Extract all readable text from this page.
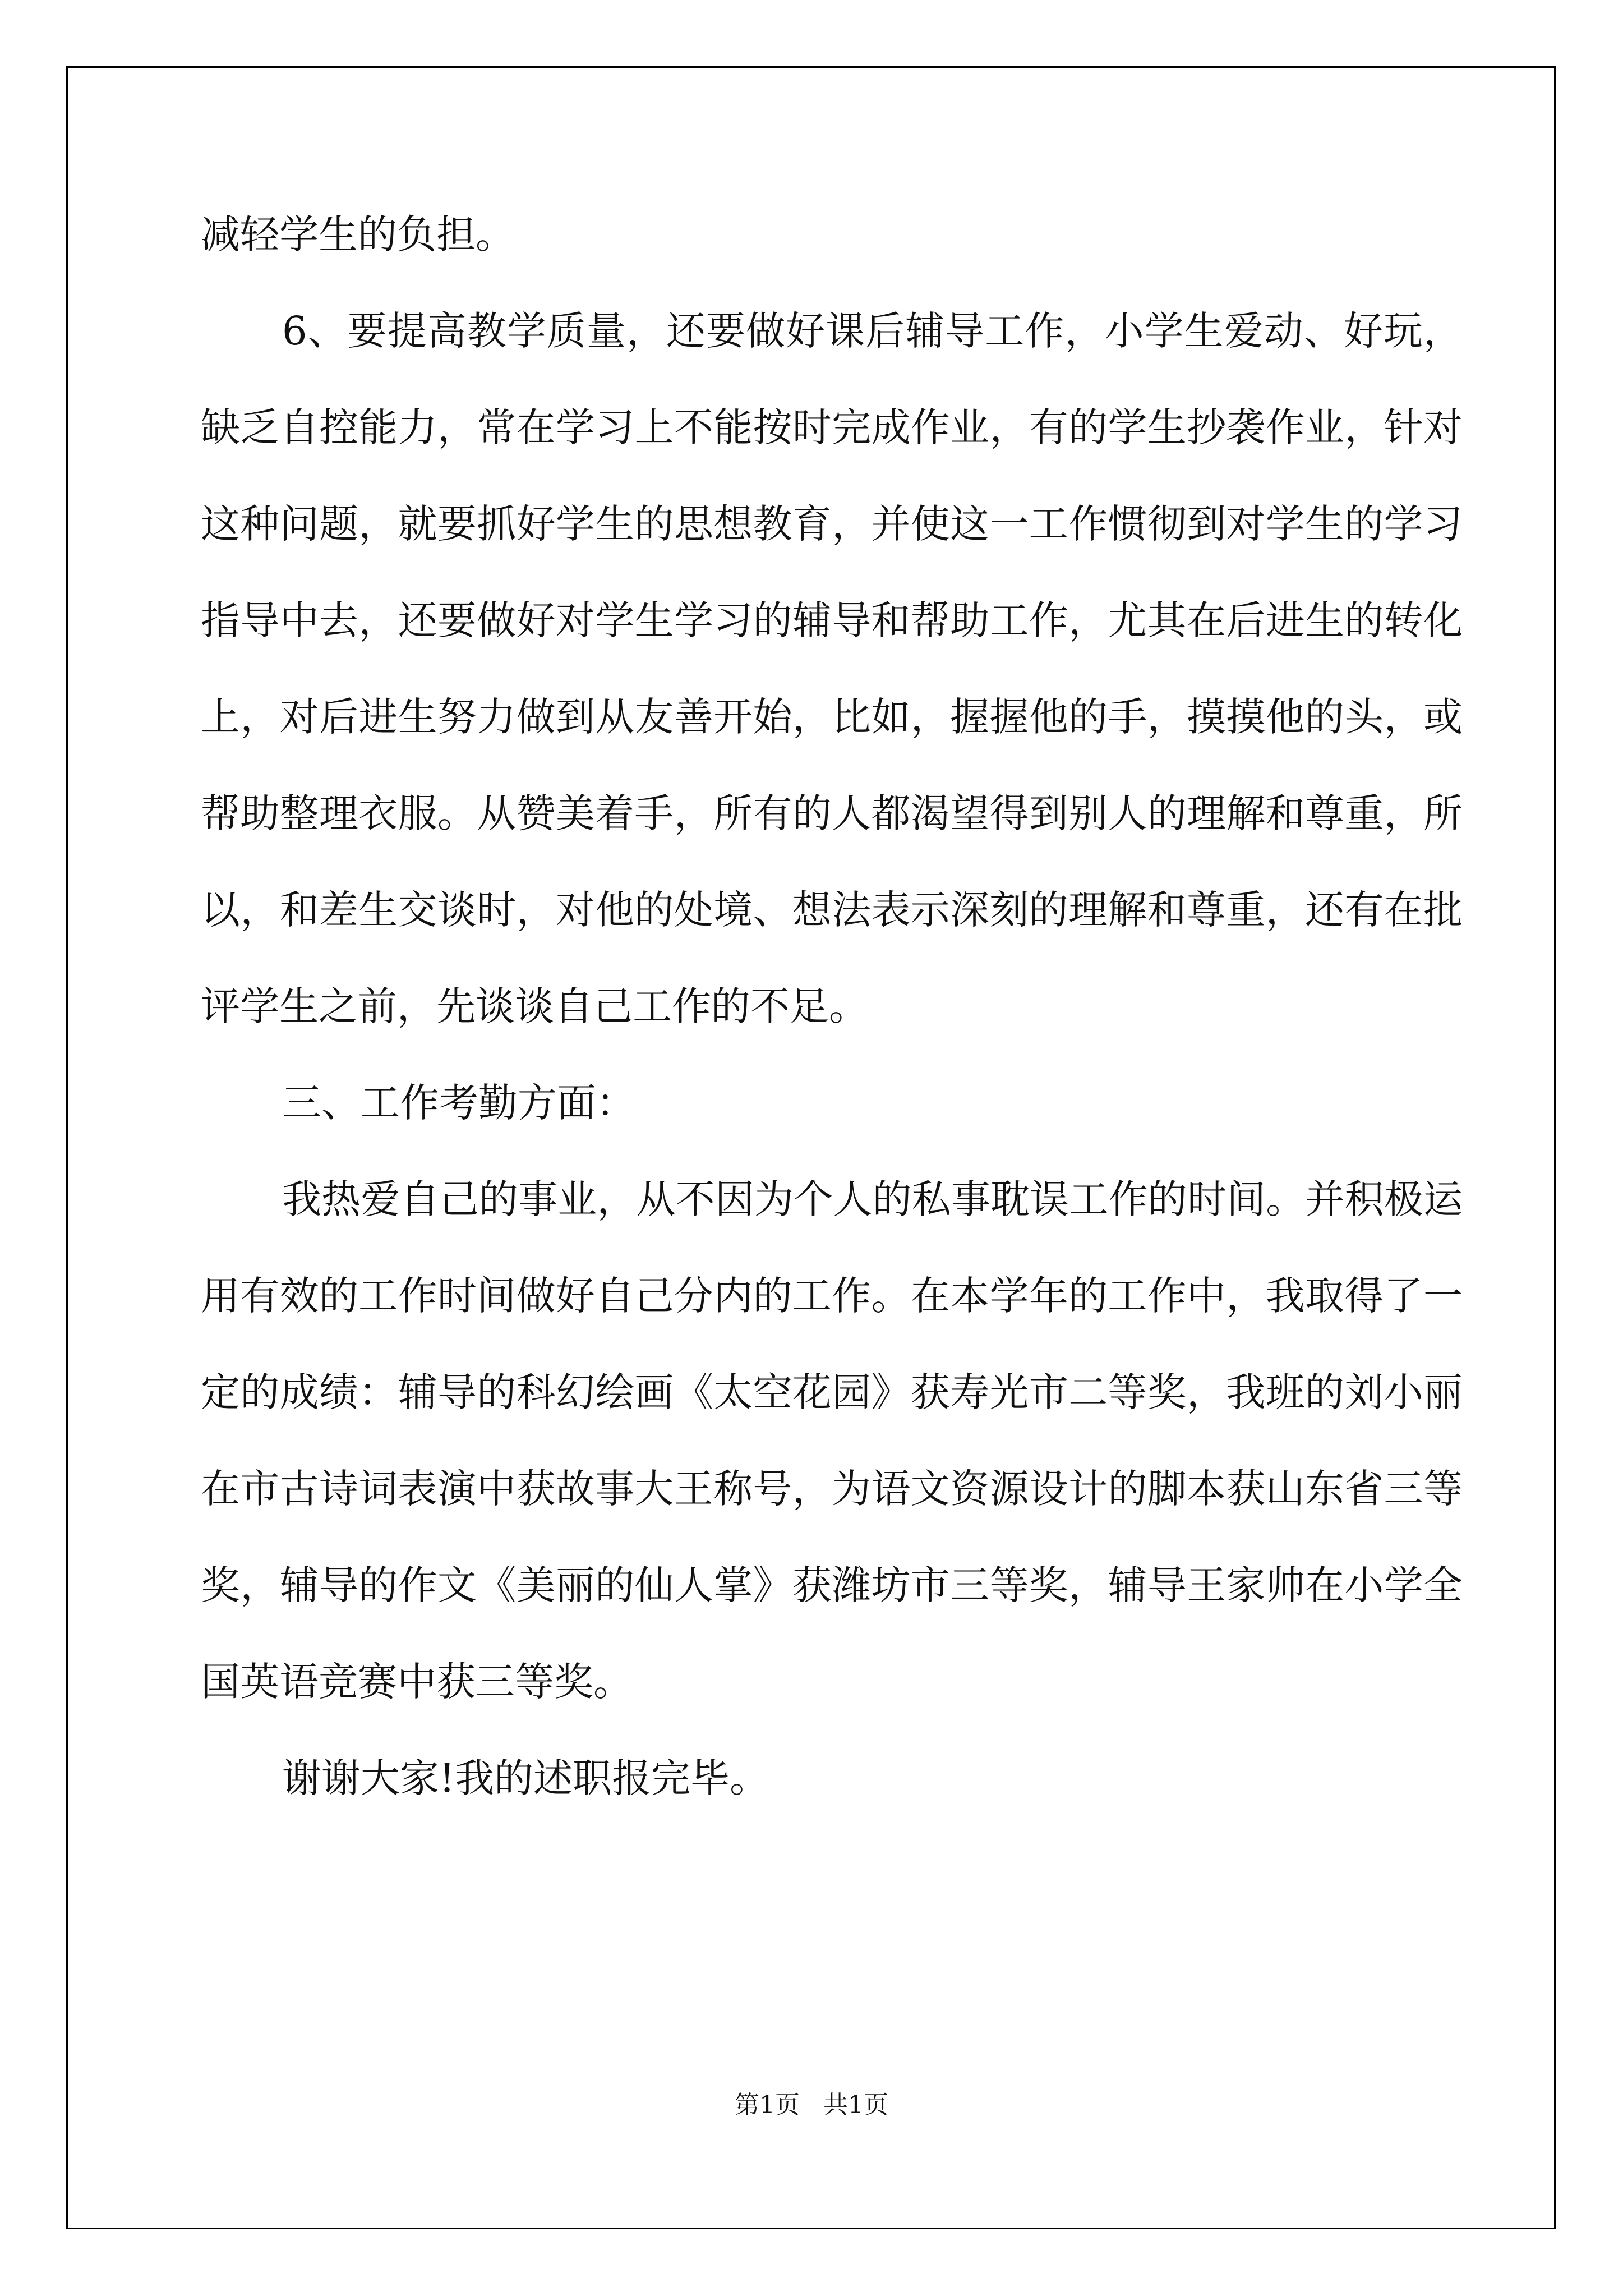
减轻学生的负担。

6、要提高教学质量，还要做好课后辅导工作，小学生爱动、好玩，缺乏自控能力，常在学习上不能按时完成作业，有的学生抄袭作业，针对这种问题，就要抓好学生的思想教育，并使这一工作惯彻到对学生的学习指导中去，还要做好对学生学习的辅导和帮助工作，尤其在后进生的转化上，对后进生努力做到从友善开始，比如，握握他的手，摸摸他的头，或帮助整理衣服。从赞美着手，所有的人都渴望得到别人的理解和尊重，所以，和差生交谈时，对他的处境、想法表示深刻的理解和尊重，还有在批评学生之前，先谈谈自己工作的不足。

三、工作考勤方面：

我热爱自己的事业，从不因为个人的私事耽误工作的时间。并积极运用有效的工作时间做好自己分内的工作。在本学年的工作中，我取得了一定的成绩：辅导的科幻绘画《太空花园》获寿光市二等奖，我班的刘小丽在市古诗词表演中获故事大王称号，为语文资源设计的脚本获山东省三等奖，辅导的作文《美丽的仙人掌》获潍坊市三等奖，辅导王家帅在小学全国英语竞赛中获三等奖。

谢谢大家!我的述职报完毕。

第1页 共1页
